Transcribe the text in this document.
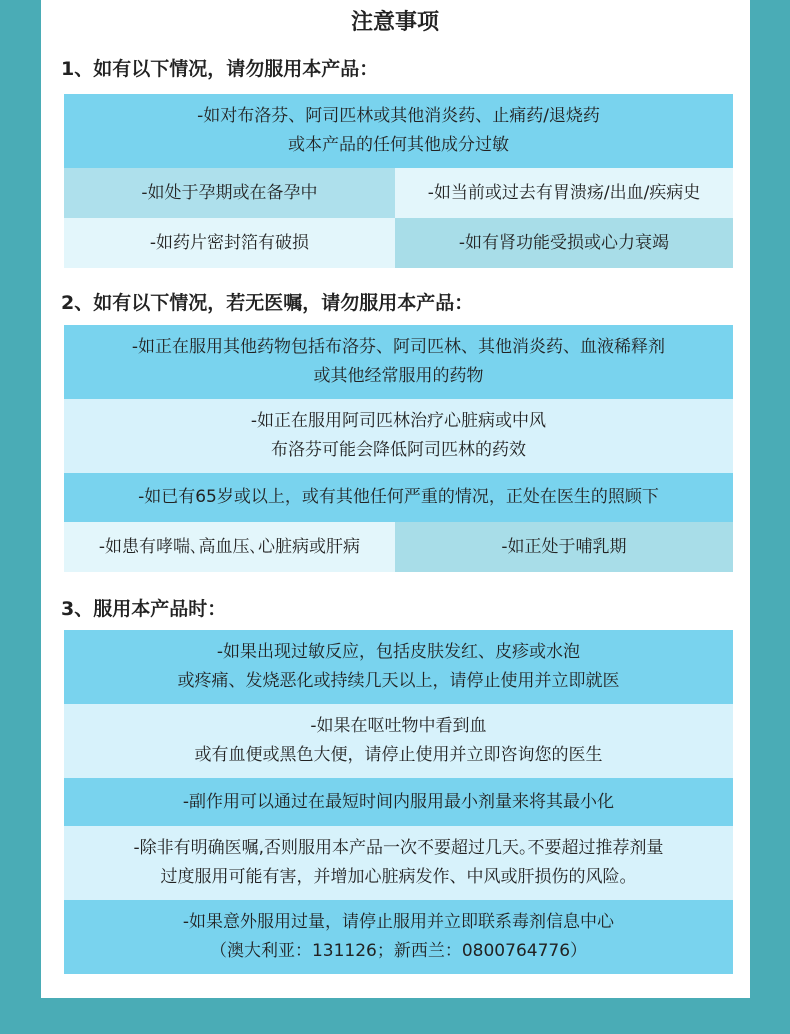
注意事项
1、如有以下情况，请勿服用本产品：
-如对布洛芬、阿司匹林或其他消炎药、止痛药/退烧药
或本产品的任何其他成分过敏
-如处于孕期或在备孕中	-如当前或过去有胃溃疡/出血/疾病史
-如药片密封箔有破损	-如有肾功能受损或心力衰竭
2、如有以下情况，若无医嘱，请勿服用本产品：
-如正在服用其他药物包括布洛芬、阿司匹林、其他消炎药、血液稀释剂
或其他经常服用的药物
-如正在服用阿司匹林治疗心脏病或中风
布洛芬可能会降低阿司匹林的药效
-如已有65岁或以上，或有其他任何严重的情况，正处在医生的照顾下
-如患有哮喘､高血压､心脏病或肝病	-如正处于哺乳期
3、服用本产品时：
-如果出现过敏反应，包括皮肤发红、皮疹或水泡
或疼痛、发烧恶化或持续几天以上，请停止使用并立即就医
-如果在呕吐物中看到血
或有血便或黑色大便，请停止使用并立即咨询您的医生
-副作用可以通过在最短时间内服用最小剂量来将其最小化
-除非有明确医嘱,否则服用本产品一次不要超过几天｡不要超过推荐剂量
过度服用可能有害，并增加心脏病发作、中风或肝损伤的风险。
-如果意外服用过量，请停止服用并立即联系毒剂信息中心
（澳大利亚：131126；新西兰：0800764776）
